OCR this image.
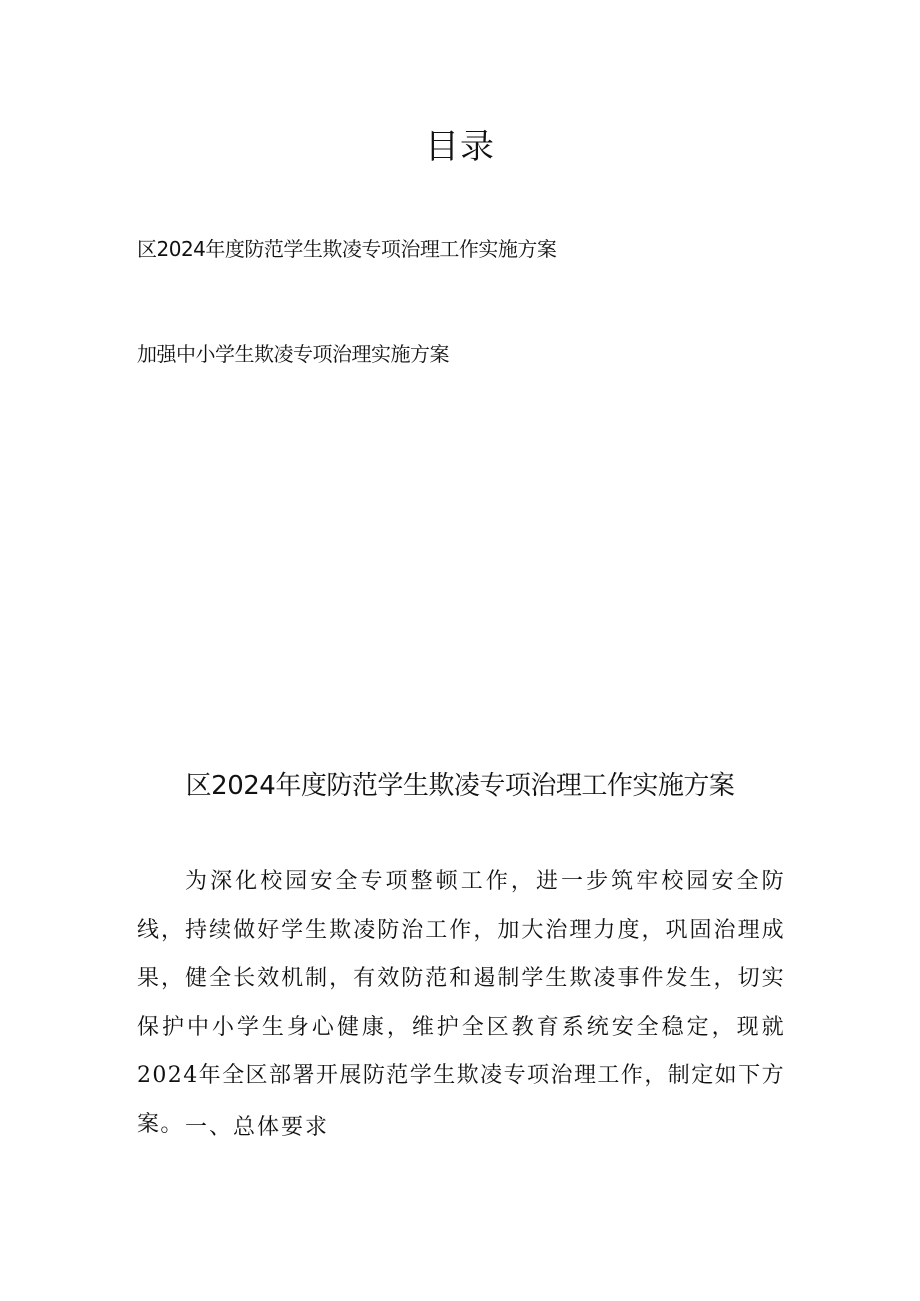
目录
区2024年度防范学生欺凌专项治理工作实施方案
加强中小学生欺凌专项治理实施方案
区2024年度防范学生欺凌专项治理工作实施方案

为深化校园安全专项整顿工作，进一步筑牢校园安全防线，持续做好学生欺凌防治工作，加大治理力度，巩固治理成果，健全长效机制，有效防范和遏制学生欺凌事件发生，切实保护中小学生身心健康，维护全区教育系统安全稳定，现就2024年全区部署开展防范学生欺凌专项治理工作，制定如下方案。 一、总体要求
